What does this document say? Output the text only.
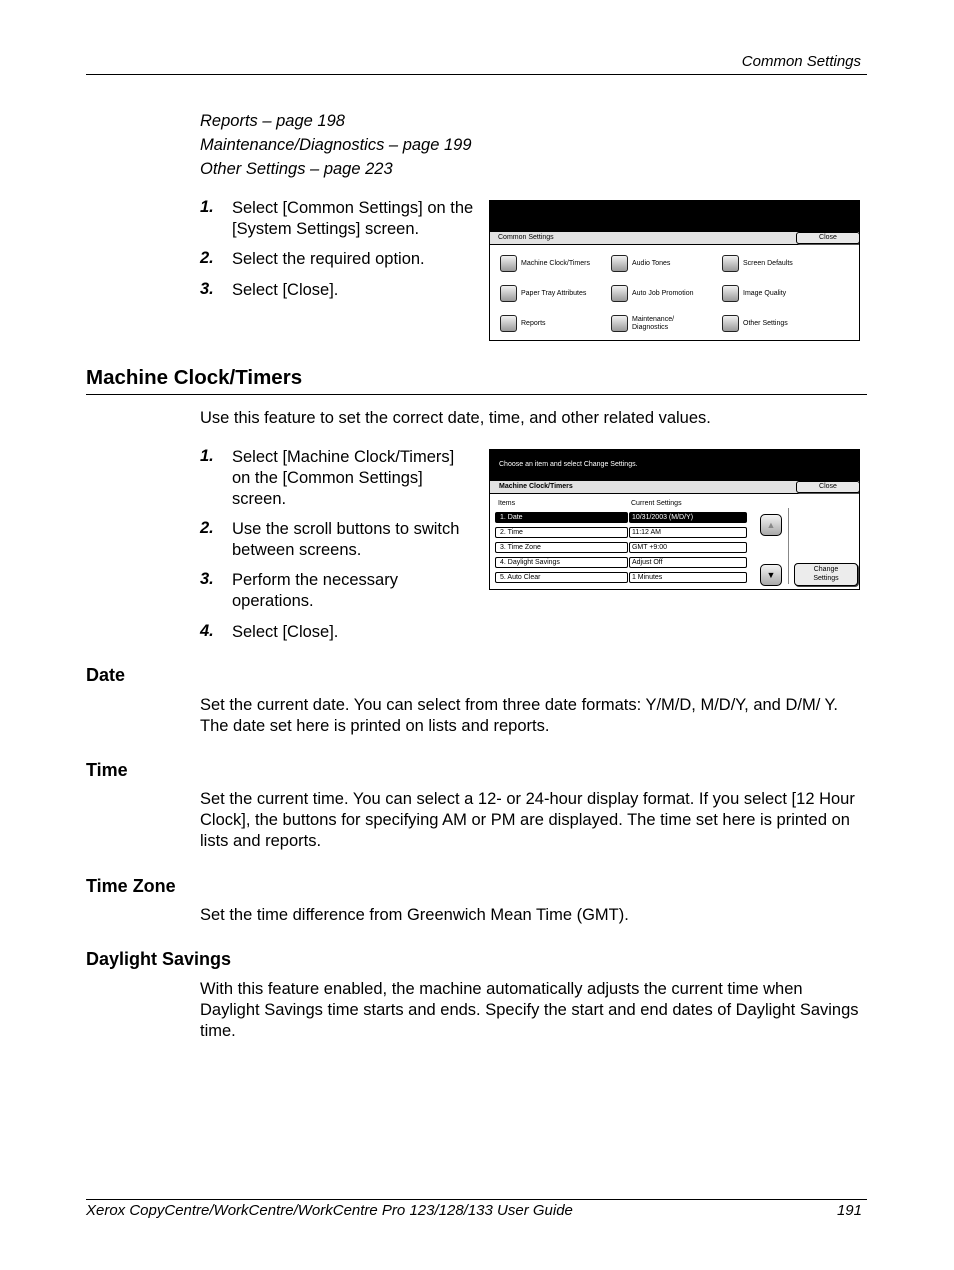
Common Settings
Reports – page 198
Maintenance/Diagnostics – page 199
Other Settings – page 223
1. Select [Common Settings] on the [System Settings] screen.
2. Select the required option.
3. Select [Close].
Common Settings	Close
Machine Clock/Timers	Audio Tones	Screen Defaults
Paper Tray Attributes	Auto Job Promotion	Image Quality
Reports
Maintenance/ Diagnostics	Other Settings
Machine Clock/Timers
Use this feature to set the correct date, time, and other related values.
1. Select [Machine Clock/Timers] on the [Common Settings] screen.
2. Use the scroll buttons to switch between screens.
3. Perform the necessary operations.
4. Select [Close].
Choose an item and select Change Settings.
Machine Clock/Timers	Close
Items	Current Settings
1. Date	10/31/2003 (M/D/Y)
2. Time	11:12 AM
3. Time Zone	GMT +9:00
4. Daylight Savings	Adjust Off
5. Auto Clear	1 Minutes
▲
▼
Change Settings
Date
Set the current date. You can select from three date formats: Y/M/D, M/D/Y, and D/M/ Y. The date set here is printed on lists and reports.
Time
Set the current time. You can select a 12- or 24-hour display format. If you select [12 Hour Clock], the buttons for specifying AM or PM are displayed. The time set here is printed on lists and reports.
Time Zone
Set the time difference from Greenwich Mean Time (GMT).
Daylight Savings
With this feature enabled, the machine automatically adjusts the current time when Daylight Savings time starts and ends. Specify the start and end dates of Daylight Savings time.
Xerox CopyCentre/WorkCentre/WorkCentre Pro 123/128/133 User Guide	191
